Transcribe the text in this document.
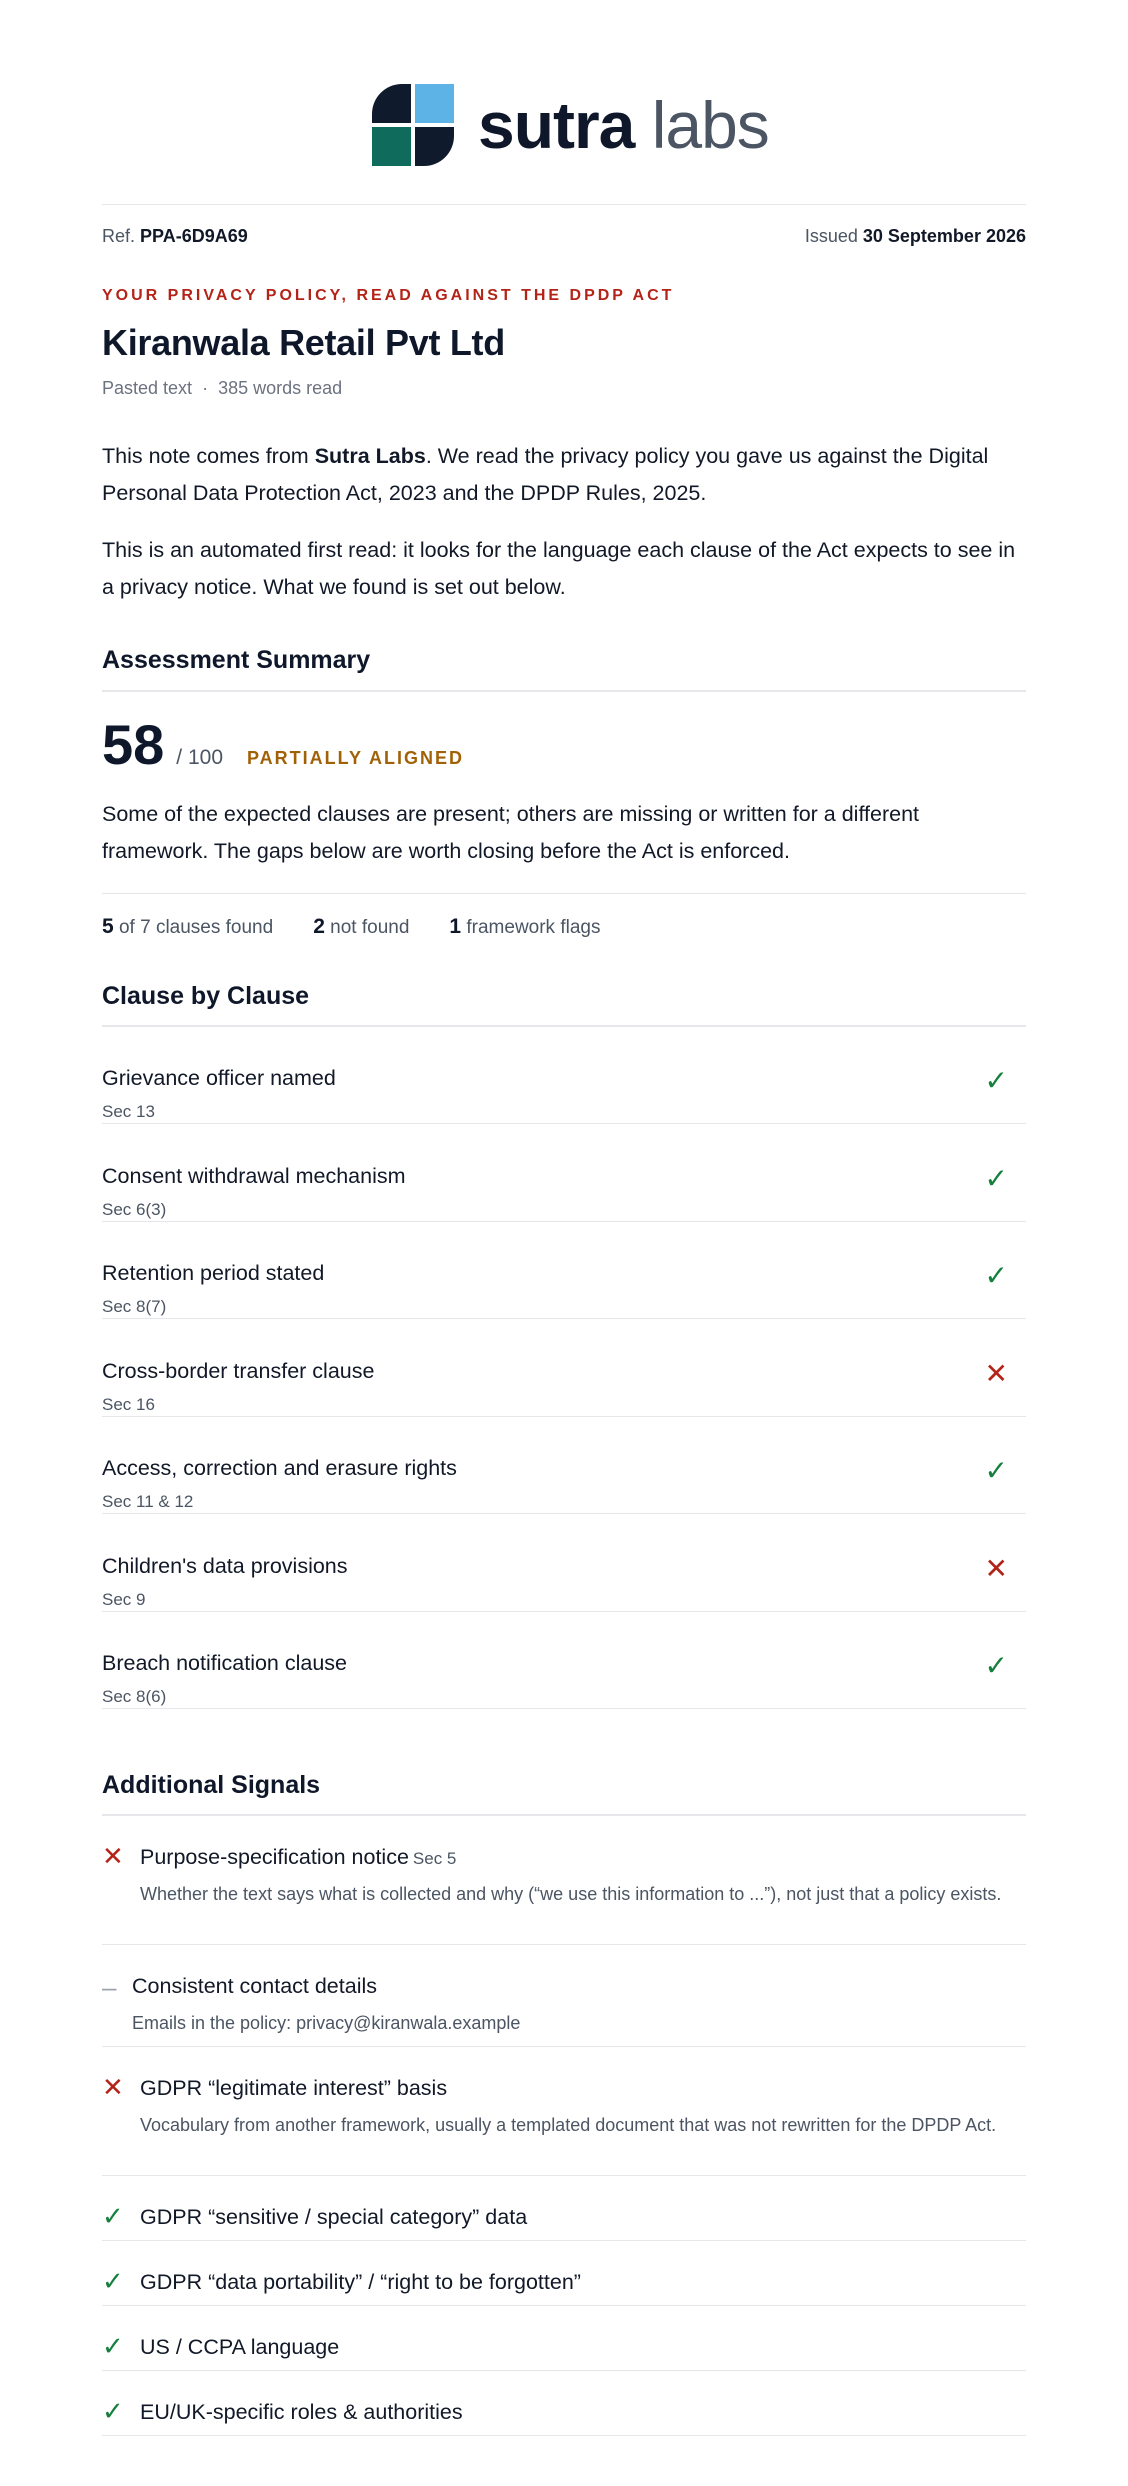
sutra labs
Ref. PPA-6D9A69	Issued 30 September 2026
YOUR PRIVACY POLICY, READ AGAINST THE DPDP ACT
Kiranwala Retail Pvt Ltd
Pasted text · 385 words read
This note comes from Sutra Labs. We read the privacy policy you gave us against the Digital Personal Data Protection Act, 2023 and the DPDP Rules, 2025.
This is an automated first read: it looks for the language each clause of the Act expects to see in a privacy notice. What we found is set out below.
Assessment Summary
58 / 100 PARTIALLY ALIGNED
Some of the expected clauses are present; others are missing or written for a different framework. The gaps below are worth closing before the Act is enforced.
5 of 7 clauses found 2 not found 1 framework flags
Clause by Clause
Grievance officer named
Sec 13
✓
Consent withdrawal mechanism
Sec 6(3)
✓
Retention period stated
Sec 8(7)
✓
Cross-border transfer clause
Sec 16
✕
Access, correction and erasure rights
Sec 11 & 12
✓
Children's data provisions
Sec 9
✕
Breach notification clause
Sec 8(6)
✓
Additional Signals
✕ Purpose-specification notice Sec 5
Whether the text says what is collected and why (“we use this information to ...”), not just that a policy exists.
– Consistent contact details
Emails in the policy: privacy@kiranwala.example
✕ GDPR “legitimate interest” basis
Vocabulary from another framework, usually a templated document that was not rewritten for the DPDP Act.
✓ GDPR “sensitive / special category” data
✓ GDPR “data portability” / “right to be forgotten”
✓ US / CCPA language
✓ EU/UK-specific roles & authorities
